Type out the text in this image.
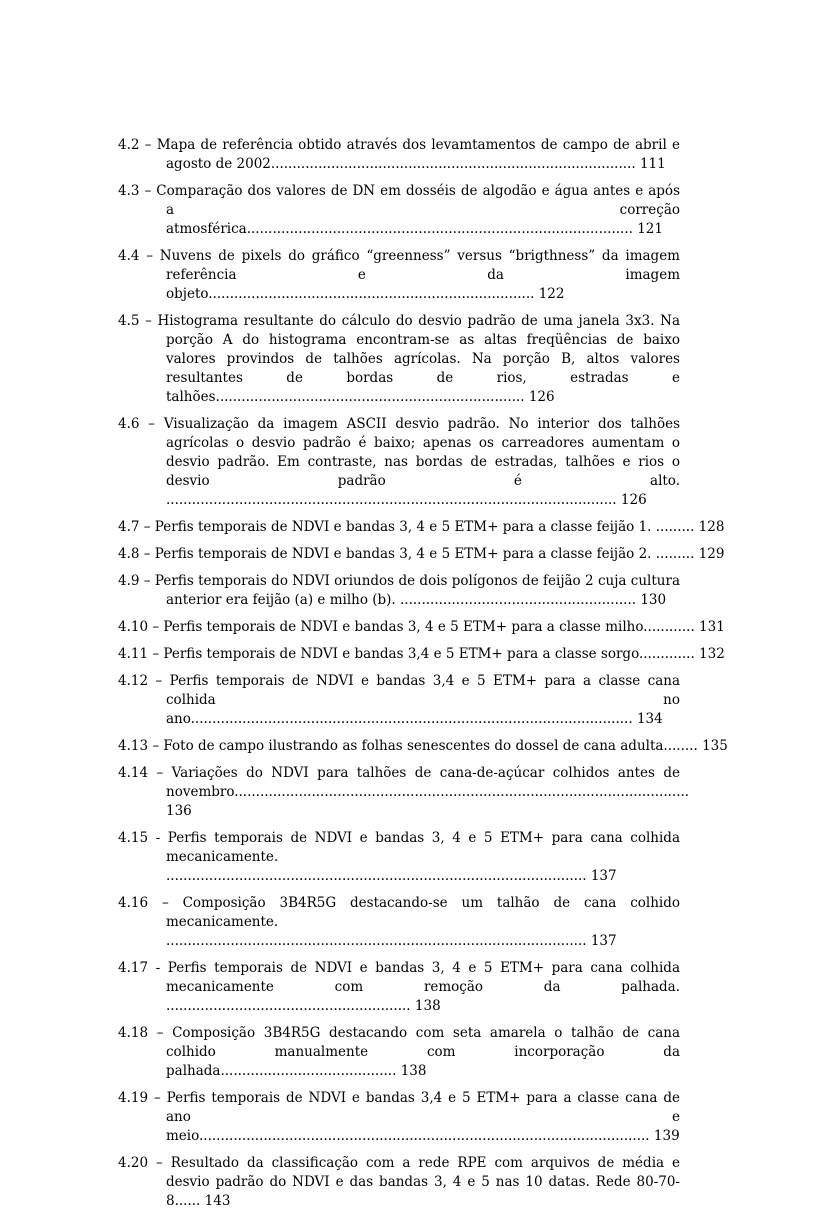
4.2 – Mapa de referência obtido através dos levamtamentos de campo de abril e agosto de 2002..................................................................................... 111

4.3 – Comparação dos valores de DN em dosséis de algodão e água antes e após a correção atmosférica.......................................................................................... 121

4.4 – Nuvens de pixels do gráfico “greenness” versus “brigthness” da imagem referência e da imagem objeto............................................................................ 122

4.5 – Histograma resultante do cálculo do desvio padrão de uma janela 3x3. Na porção A do histograma encontram-se as altas freqüências de baixo valores provindos de talhões agrícolas. Na porção B, altos valores resultantes de bordas de rios, estradas e talhões........................................................................ 126

4.6 – Visualização da imagem ASCII desvio padrão. No interior dos talhões agrícolas o desvio padrão é baixo; apenas os carreadores aumentam o desvio padrão. Em contraste, nas bordas de estradas, talhões e rios o desvio padrão é alto. ......................................................................................................... 126

4.7 – Perfis temporais de NDVI e bandas 3, 4 e 5 ETM+ para a classe feijão 1. ......... 128

4.8 – Perfis temporais de NDVI e bandas 3, 4 e 5 ETM+ para a classe feijão 2. ......... 129

4.9 – Perfis temporais do NDVI oriundos de dois polígonos de feijão 2 cuja cultura anterior era feijão (a) e milho (b). ....................................................... 130

4.10 – Perfis temporais de NDVI e bandas 3, 4 e 5 ETM+ para a classe milho............ 131

4.11 – Perfis temporais de NDVI e bandas 3,4 e 5 ETM+ para a classe sorgo............. 132

4.12 – Perfis temporais de NDVI e bandas 3,4 e 5 ETM+ para a classe cana colhida no ano....................................................................................................... 134

4.13 – Foto de campo ilustrando as folhas senescentes do dossel de cana adulta........ 135

4.14 – Variações do NDVI para talhões de cana-de-açúcar colhidos antes de novembro.......................................................................................................... 136

4.15 - Perfis temporais de NDVI e bandas 3, 4 e 5 ETM+ para cana colhida mecanicamente. .................................................................................................. 137

4.16 – Composição 3B4R5G destacando-se um talhão de cana colhido mecanicamente. .................................................................................................. 137

4.17 - Perfis temporais de NDVI e bandas 3, 4 e 5 ETM+ para cana colhida mecanicamente com remoção da palhada. ......................................................... 138

4.18 – Composição 3B4R5G destacando com seta amarela o talhão de cana colhido manualmente com incorporação da palhada......................................... 138

4.19 – Perfis temporais de NDVI e bandas 3,4 e 5 ETM+ para a classe cana de ano e meio......................................................................................................... 139

4.20 – Resultado da classificação com a rede RPE com arquivos de média e desvio padrão do NDVI e das bandas 3, 4 e 5 nas 10 datas. Rede 80-70-8...... 143
